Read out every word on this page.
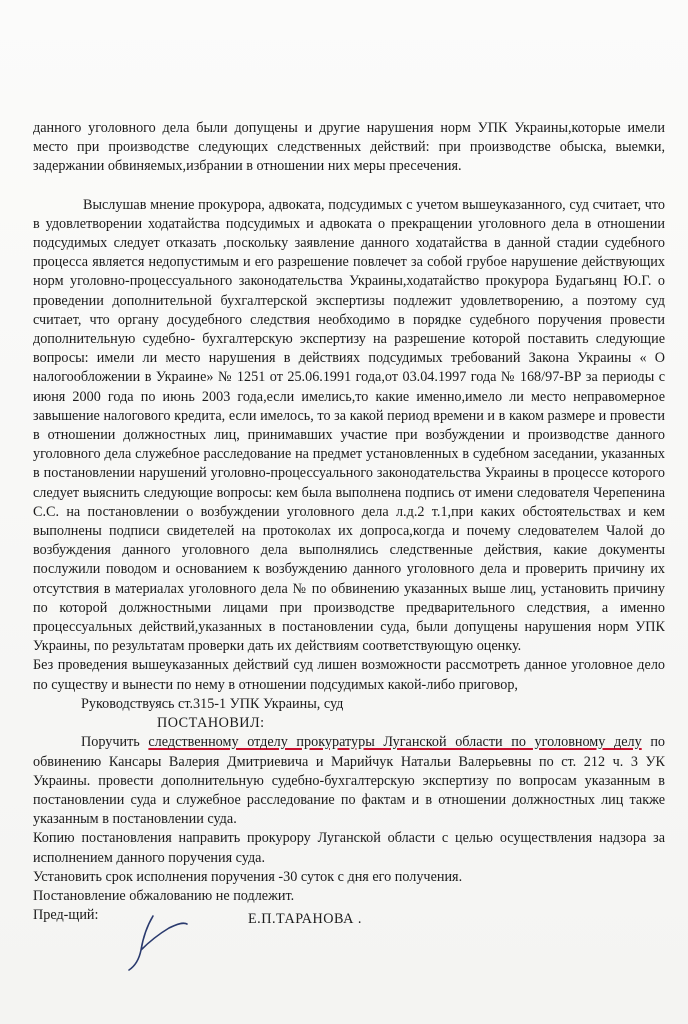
данного уголовного дела были допущены и другие нарушения норм УПК Украины,которые имели место при производстве следующих следственных действий: при производстве обыска, выемки, задержании обвиняемых,избрании в отношении них меры пресечения.

Выслушав мнение прокурора, адвоката, подсудимых с учетом вышеуказанного, суд считает, что в удовлетворении ходатайства подсудимых и адвоката о прекращении уголовного дела в отношении подсудимых следует отказать ,поскольку заявление данного ходатайства в данной стадии судебного процесса является недопустимым и его разрешение повлечет за собой грубое нарушение действующих норм уголовно-процессуального законодательства Украины,ходатайство прокурора Будагьянц Ю.Г. о проведении дополнительной бухгалтерской экспертизы подлежит удовлетворению, а поэтому суд считает, что органу досудебного следствия необходимо в порядке судебного поручения провести дополнительную судебно- бухгалтерскую экспертизу на разрешение которой поставить следующие вопросы: имели ли место нарушения в действиях подсудимых требований Закона Украины « О налогообложении в Украине» № 1251 от 25.06.1991 года,от 03.04.1997 года № 168/97-ВР за периоды с июня 2000 года по июнь 2003 года,если имелись,то какие именно,имело ли место неправомерное завышение налогового кредита, если имелось, то за какой период времени и в каком размере и провести в отношении должностных лиц, принимавших участие при возбуждении и производстве данного уголовного дела служебное расследование на предмет установленных в судебном заседании, указанных в постановлении нарушений уголовно-процессуального законодательства Украины в процессе которого следует выяснить следующие вопросы: кем была выполнена подпись от имени следователя Черепенина С.С. на постановлении о возбуждении уголовного дела л.д.2 т.1,при каких обстоятельствах и кем выполнены подписи свидетелей на протоколах их допроса,когда и почему следователем Чалой до возбуждения данного уголовного дела выполнялись следственные действия, какие документы послужили поводом и основанием к возбуждению данного уголовного дела и проверить причину их отсутствия в материалах уголовного дела № по обвинению указанных выше лиц, установить причину по которой должностными лицами при производстве предварительного следствия, а именно процессуальных действий,указанных в постановлении суда, были допущены нарушения норм УПК Украины, по результатам проверки дать их действиям соответствующую оценку.

Без проведения вышеуказанных действий суд лишен возможности рассмотреть данное уголовное дело по существу и вынести по нему в отношении подсудимых какой-либо приговор,

Руководствуясь ст.315-1 УПК Украины, суд

ПОСТАНОВИЛ:

Поручить следственному отделу прокуратуры Луганской области по уголовному делу по обвинению Кансары Валерия Дмитриевича и Марийчук Натальи Валерьевны по ст. 212 ч. 3 УК Украины. провести дополнительную судебно-бухгалтерскую экспертизу по вопросам указанным в постановлении суда и служебное расследование по фактам и в отношении должностных лиц также указанным в постановлении суда.

Копию постановления направить прокурору Луганской области с целью осуществления надзора за исполнением данного поручения суда.

Установить срок исполнения поручения -30 суток с дня его получения.

Постановление обжалованию не подлежит.

Пред-щий:	Е.П.ТАРАНОВА .
